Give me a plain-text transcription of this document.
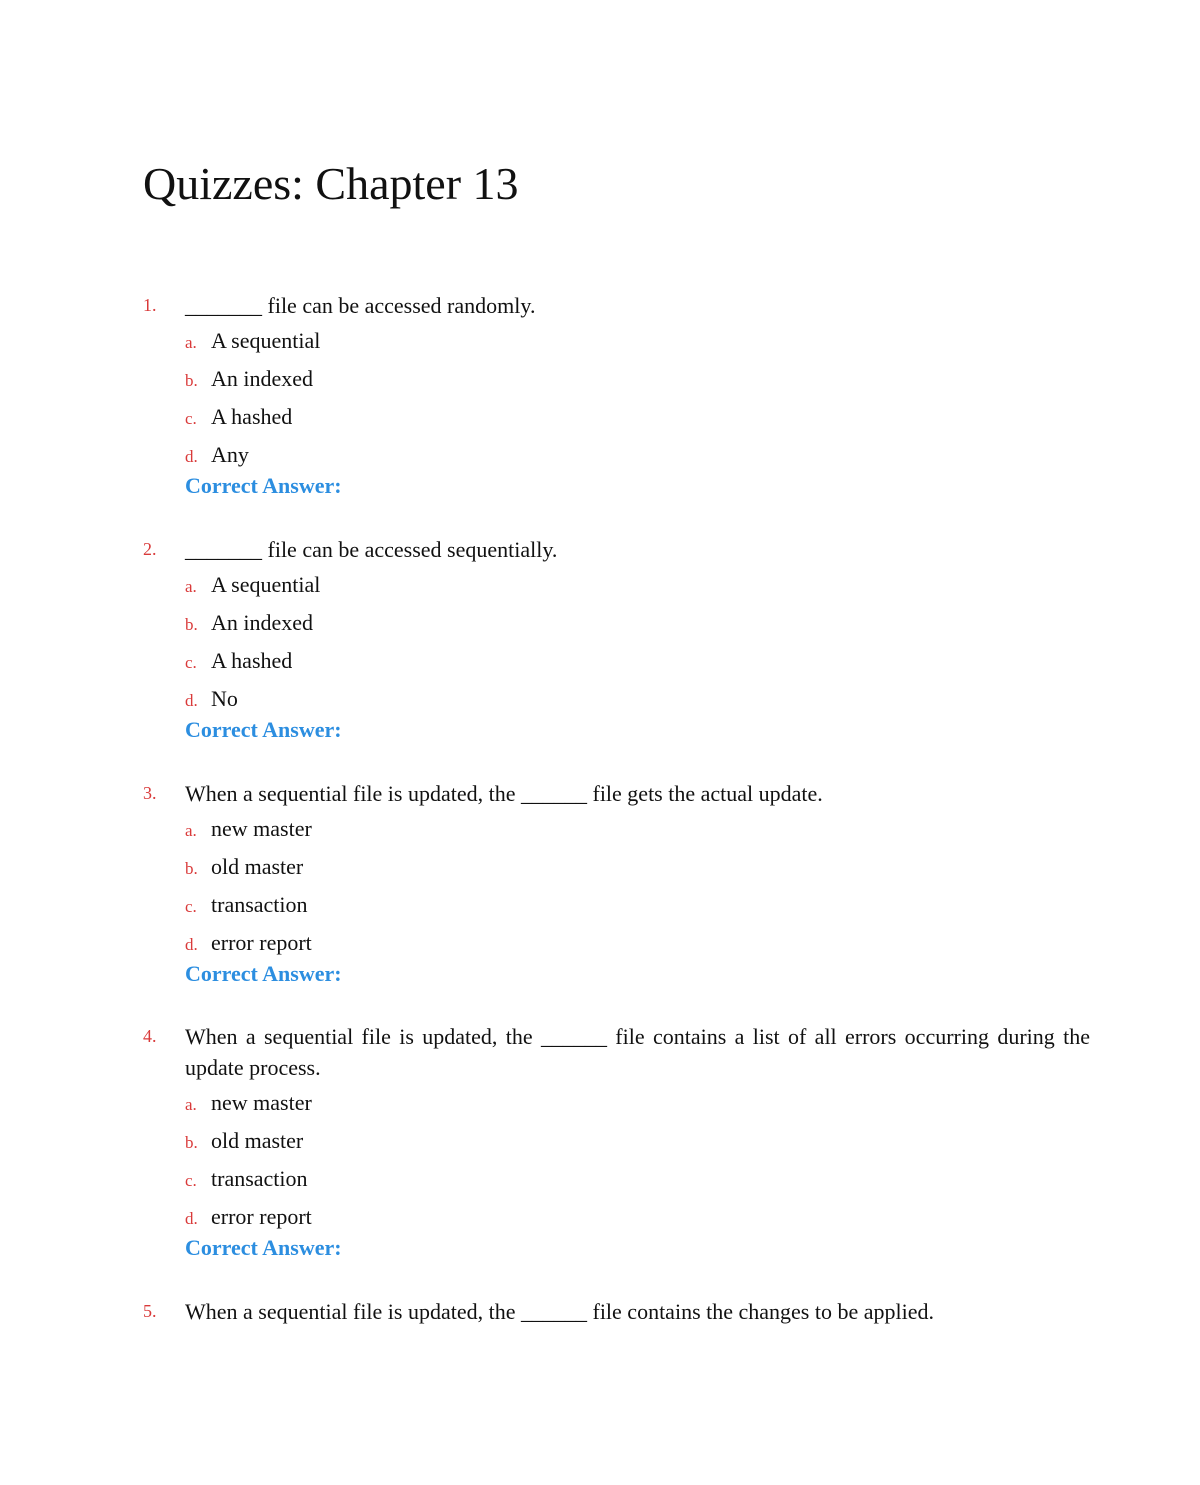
Quizzes: Chapter 13
1. _______ file can be accessed randomly.
a. A sequential
b. An indexed
c. A hashed
d. Any
Correct Answer:
2. _______ file can be accessed sequentially.
a. A sequential
b. An indexed
c. A hashed
d. No
Correct Answer:
3. When a sequential file is updated, the ______ file gets the actual update.
a. new master
b. old master
c. transaction
d. error report
Correct Answer:
4. When a sequential file is updated, the ______ file contains a list of all errors occurring during the update process.
a. new master
b. old master
c. transaction
d. error report
Correct Answer:
5. When a sequential file is updated, the ______ file contains the changes to be applied.
